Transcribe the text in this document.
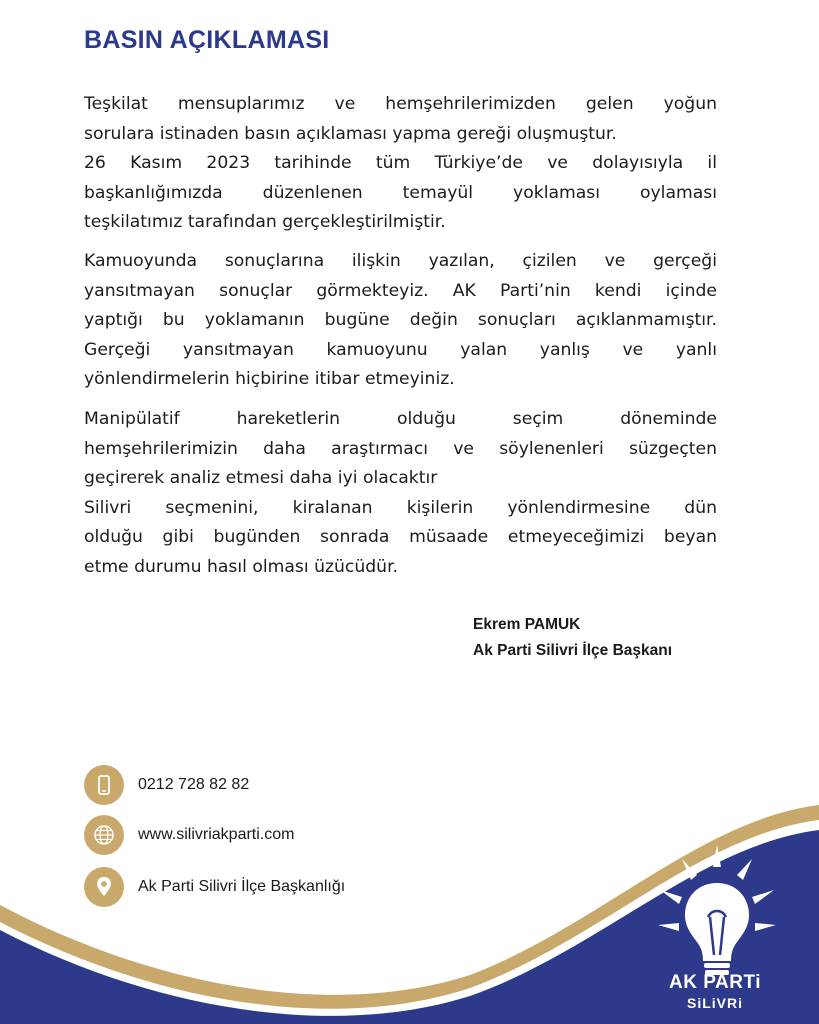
BASIN AÇIKLAMASI

Teşkilat mensuplarımız ve hemşehrilerimizden gelen yoğun

sorulara istinaden basın açıklaması yapma gereği oluşmuştur.

26 Kasım 2023 tarihinde tüm Türkiye’de ve dolayısıyla il

başkanlığımızda düzenlenen temayül yoklaması oylaması

teşkilatımız tarafından gerçekleştirilmiştir.

Kamuoyunda sonuçlarına ilişkin yazılan, çizilen ve gerçeği

yansıtmayan sonuçlar görmekteyiz. AK Parti’nin kendi içinde

yaptığı bu yoklamanın bugüne değin sonuçları açıklanmamıştır.

Gerçeği yansıtmayan kamuoyunu yalan yanlış ve yanlı

yönlendirmelerin hiçbirine itibar etmeyiniz.

Manipülatif hareketlerin olduğu seçim döneminde

hemşehrilerimizin daha araştırmacı ve söylenenleri süzgeçten

geçirerek analiz etmesi daha iyi olacaktır

Silivri seçmenini, kiralanan kişilerin yönlendirmesine dün

olduğu gibi bugünden sonrada müsaade etmeyeceğimizi beyan

etme durumu hasıl olması üzücüdür.

Ekrem PAMUK
Ak Parti Silivri İlçe Başkanı
0212 728 82 82
www.silivriakparti.com
Ak Parti Silivri İlçe Başkanlığı
AK PARTi
SiLiVRi
